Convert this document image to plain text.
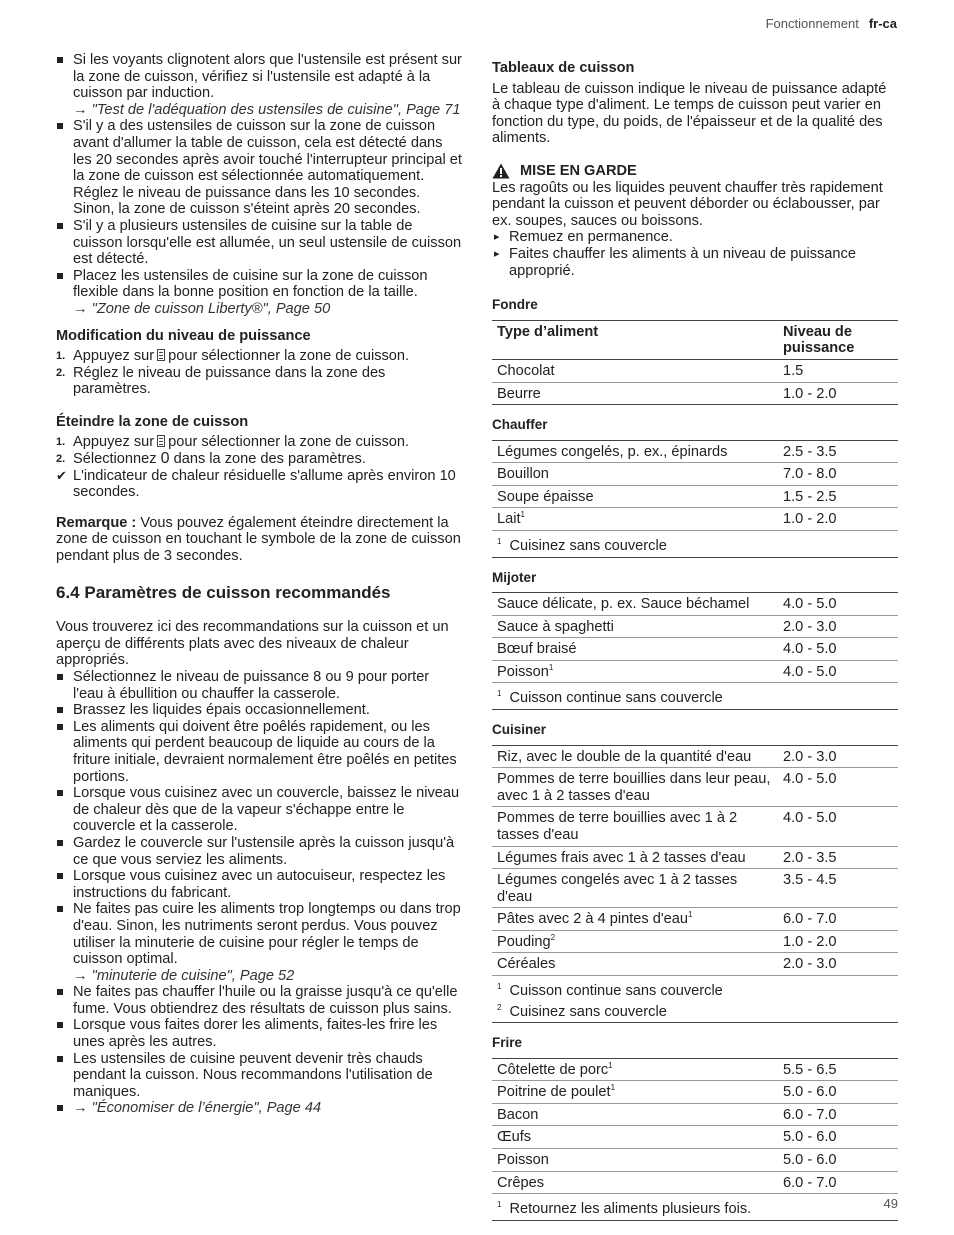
Fonctionnement fr-ca
Si les voyants clignotent alors que l'ustensile est présent sur la zone de cuisson, vérifiez si l'ustensile est adapté à la cuisson par induction.
→ "Test de l'adéquation des ustensiles de cuisine", Page 71
S'il y a des ustensiles de cuisson sur la zone de cuisson avant d'allumer la table de cuisson, cela est détecté dans les 20 secondes après avoir touché l'interrupteur principal et la zone de cuisson est sélectionnée automatiquement. Réglez le niveau de puissance dans les 10 secondes. Sinon, la zone de cuisson s'éteint après 20 secondes.
S'il y a plusieurs ustensiles de cuisine sur la table de cuisson lorsqu'elle est allumée, un seul ustensile de cuisson est détecté.
Placez les ustensiles de cuisine sur la zone de cuisson flexible dans la bonne position en fonction de la taille.
→ "Zone de cuisson Liberty®", Page 50
Modification du niveau de puissance
1. Appuyez sur pour sélectionner la zone de cuisson.
2. Réglez le niveau de puissance dans la zone des paramètres.
Éteindre la zone de cuisson
1. Appuyez sur pour sélectionner la zone de cuisson.
2. Sélectionnez 0 dans la zone des paramètres.
✔ L'indicateur de chaleur résiduelle s'allume après environ 10 secondes.

Remarque : Vous pouvez également éteindre directement la zone de cuisson en touchant le symbole de la zone de cuisson pendant plus de 3 secondes.

6.4 Paramètres de cuisson recommandés

Vous trouverez ici des recommandations sur la cuisson et un aperçu de différents plats avec des niveaux de chaleur appropriés.

Sélectionnez le niveau de puissance 8 ou 9 pour porter l'eau à ébullition ou chauffer la casserole.
Brassez les liquides épais occasionnellement.
Les aliments qui doivent être poêlés rapidement, ou les aliments qui perdent beaucoup de liquide au cours de la friture initiale, devraient normalement être poêlés en petites portions.
Lorsque vous cuisinez avec un couvercle, baissez le niveau de chaleur dès que de la vapeur s'échappe entre le couvercle et la casserole.
Gardez le couvercle sur l'ustensile après la cuisson jusqu'à ce que vous serviez les aliments.
Lorsque vous cuisinez avec un autocuiseur, respectez les instructions du fabricant.
Ne faites pas cuire les aliments trop longtemps ou dans trop d'eau. Sinon, les nutriments seront perdus. Vous pouvez utiliser la minuterie de cuisine pour régler le temps de cuisson optimal.
→ "minuterie de cuisine", Page 52
Ne faites pas chauffer l'huile ou la graisse jusqu'à ce qu'elle fume. Vous obtiendrez des résultats de cuisson plus sains.
Lorsque vous faites dorer les aliments, faites-les frire les unes après les autres.
Les ustensiles de cuisine peuvent devenir très chauds pendant la cuisson. Nous recommandons l'utilisation de maniques.
→ "Économiser de l’énergie", Page 44
Tableaux de cuisson

Le tableau de cuisson indique le niveau de puissance adapté à chaque type d'aliment. Le temps de cuisson peut varier en fonction du type, du poids, de l'épaisseur et de la qualité des aliments.

MISE EN GARDE

Les ragoûts ou les liquides peuvent chauffer très rapidement pendant la cuisson et peuvent déborder ou éclabousser, par ex. soupes, sauces ou boissons.

▸ Remuez en permanence.
▸ Faites chauffer les aliments à un niveau de puissance approprié.
Fondre
Type d’aliment	Niveau de puissance
Chocolat	1.5
Beurre	1.0 - 2.0
Chauffer
Légumes congelés, p. ex., épinards	2.5 - 3.5
Bouillon	7.0 - 8.0
Soupe épaisse	1.5 - 2.5
Lait$^1$	1.0 - 2.0

$^1$ Cuisinez sans couvercle	
Mijoter
Sauce délicate, p. ex. Sauce béchamel	4.0 - 5.0
Sauce à spaghetti	2.0 - 3.0
Bœuf braisé	4.0 - 5.0
Poisson$^1$	4.0 - 5.0

$^1$ Cuisson continue sans couvercle	
Cuisiner
Riz, avec le double de la quantité d'eau	2.0 - 3.0
Pommes de terre bouillies dans leur peau, avec 1 à 2 tasses d'eau	4.0 - 5.0
Pommes de terre bouillies avec 1 à 2 tasses d'eau	4.0 - 5.0
Légumes frais avec 1 à 2 tasses d'eau	2.0 - 3.5
Légumes congelés avec 1 à 2 tasses d'eau	3.5 - 4.5
Pâtes avec 2 à 4 pintes d'eau$^1$	6.0 - 7.0
Pouding$^2$	1.0 - 2.0
Céréales	2.0 - 3.0

$^1$ Cuisson continue sans couvercle
$^2$ Cuisinez sans couvercle	
Frire
Côtelette de porc$^1$	5.5 - 6.5
Poitrine de poulet$^1$	5.0 - 6.0
Bacon	6.0 - 7.0
Œufs	5.0 - 6.0
Poisson	5.0 - 6.0
Crêpes	6.0 - 7.0

$^1$ Retournez les aliments plusieurs fois.		49
